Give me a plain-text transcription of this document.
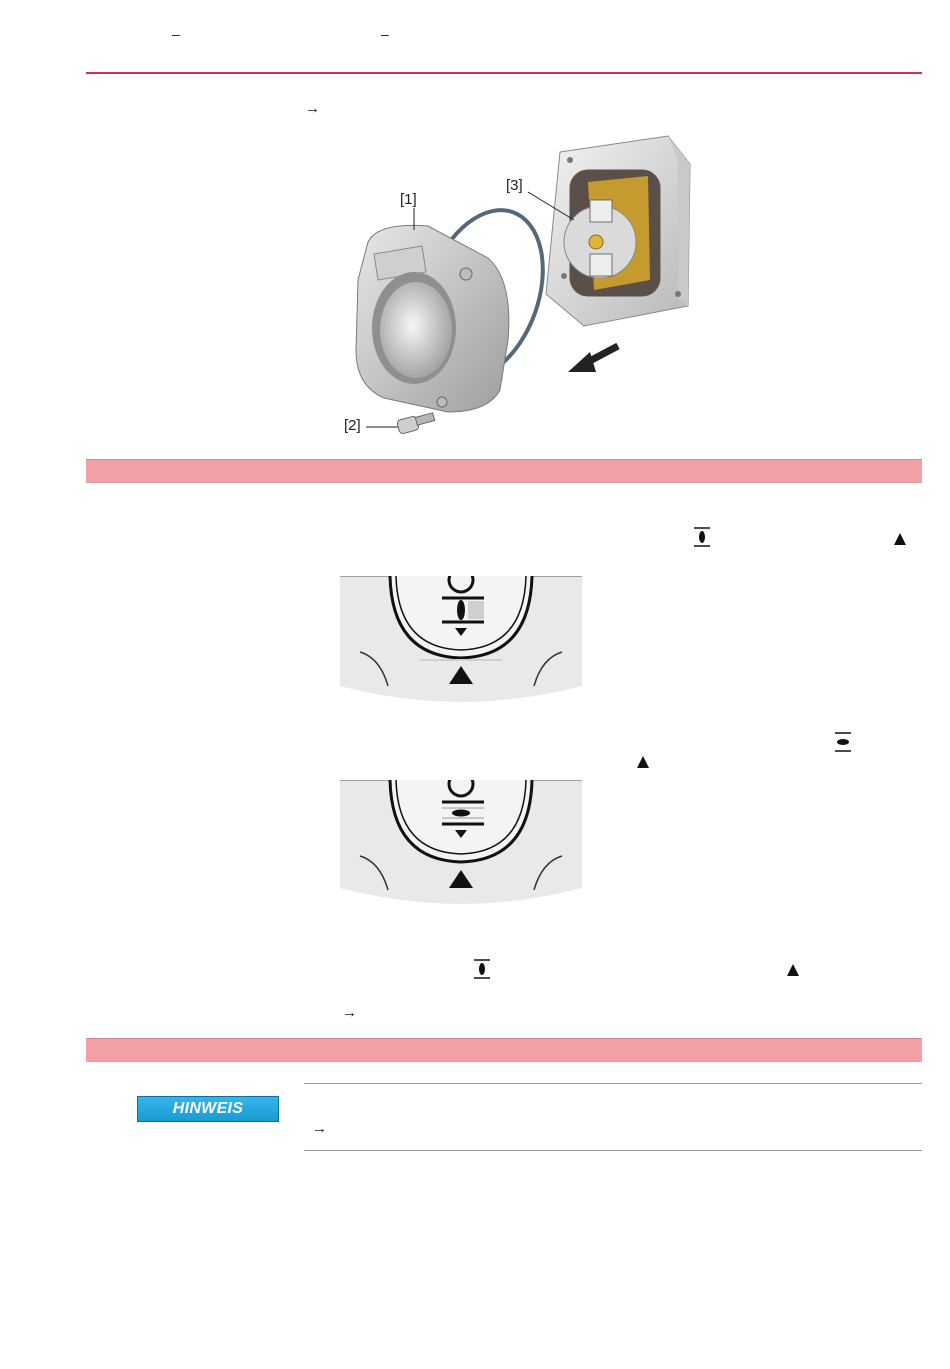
–	–
→
[1]
[2]
[3]
→
HINWEIS
→
